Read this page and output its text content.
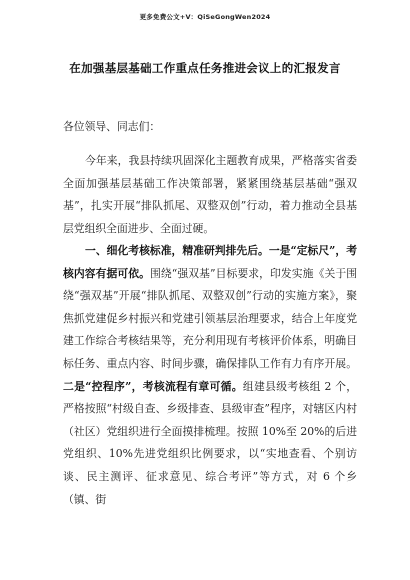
更多免费公文+V：QiSeGongWen2024
在加强基层基础工作重点任务推进会议上的汇报发言
各位领导、同志们：
今年来，我县持续巩固深化主题教育成果，严格落实省委全面加强基层基础工作决策部署，紧紧围绕基层基础“强双基”，扎实开展“排队抓尾、双整双创”行动，着力推动全县基层党组织全面进步、全面过硬。
一、细化考核标准，精准研判排先后。一是“定标尺”，考核内容有据可依。围绕“强双基”目标要求，印发实施《关于围绕“强双基”开展“排队抓尾、双整双创”行动的实施方案》，聚焦抓党建促乡村振兴和党建引领基层治理要求，结合上年度党建工作综合考核结果等，充分利用现有考核评价体系，明确目标任务、重点内容、时间步骤，确保排队工作有力有序开展。二是“控程序”，考核流程有章可循。组建县级考核组 2 个，严格按照“村级自查、乡级排查、县级审查”程序，对辖区内村（社区）党组织进行全面摸排梳理。按照 10%至 20%的后进党组织、10%先进党组织比例要求，以“实地查看、个别访谈、民主测评、征求意见、综合考评”等方式，对 6 个乡（镇、街
